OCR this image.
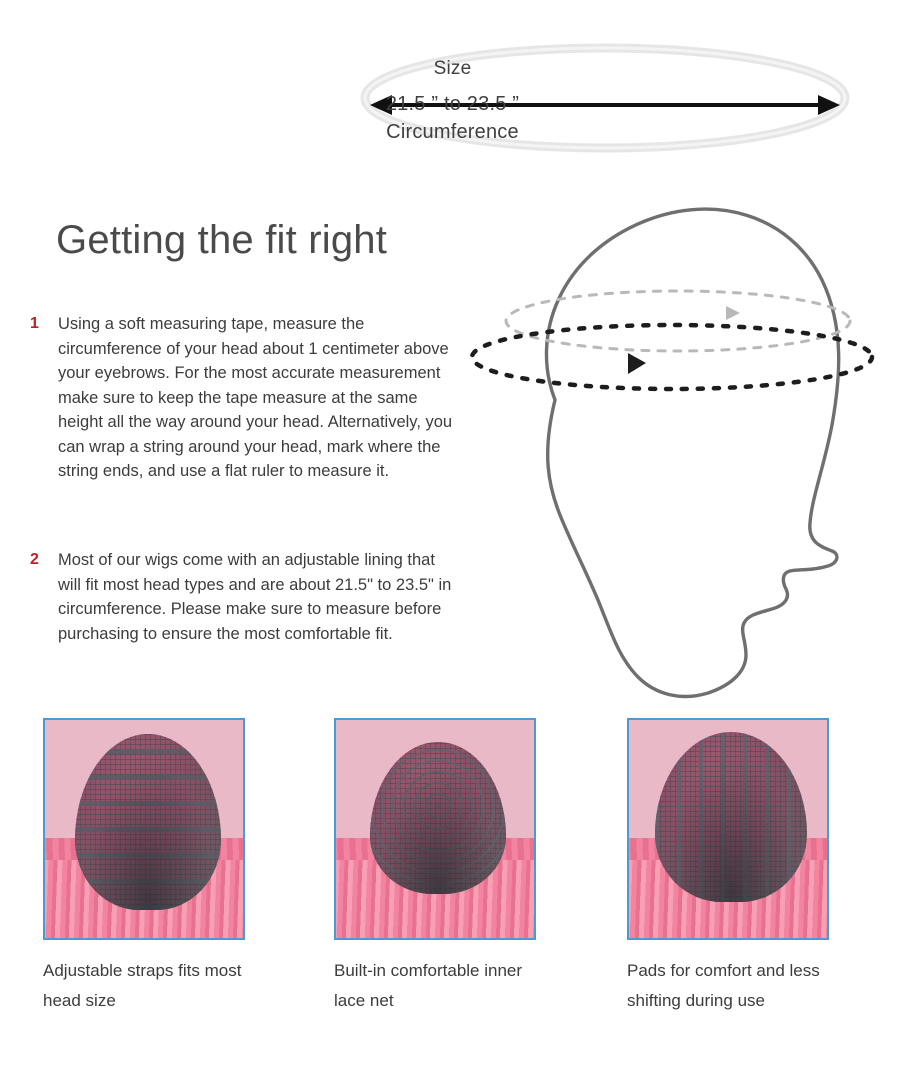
Size
21.5 ” to 23.5 ”
Circumference
Getting the fit right
1	Using a soft measuring tape, measure the circumference of your head about 1 centimeter above your eyebrows. For the most accurate measurement make sure to keep the tape measure at the same height all the way around your head. Alternatively, you can wrap a string around your head, mark where the string ends, and use a flat ruler to measure it.
2	Most of our wigs come with an adjustable lining that will fit most head types and are about 21.5" to 23.5" in circumference. Please make sure to measure before purchasing to ensure the most comfortable fit.
Adjustable straps fits most head size
Built-in comfortable inner lace net
Pads for comfort and less shifting during use
